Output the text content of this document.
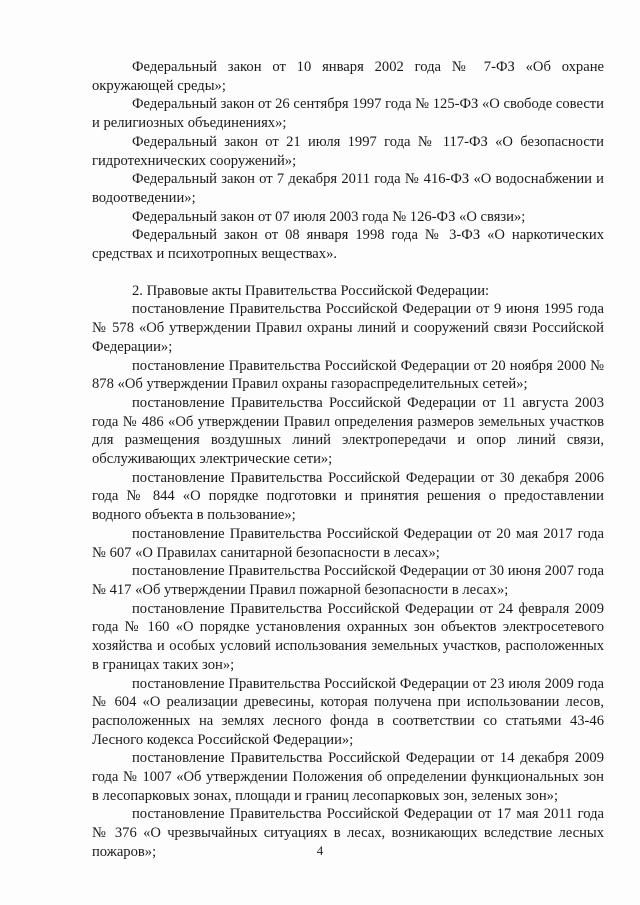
Федеральный закон от 10 января 2002 года № 7-ФЗ «Об охране окружающей среды»;

Федеральный закон от 26 сентября 1997 года № 125-ФЗ «О свободе совести и религиозных объединениях»;

Федеральный закон от 21 июля 1997 года № 117-ФЗ «О безопасности гидротехнических сооружений»;

Федеральный закон от 7 декабря 2011 года № 416-ФЗ «О водоснабжении и водоотведении»;

Федеральный закон от 07 июля 2003 года № 126-ФЗ «О связи»;

Федеральный закон от 08 января 1998 года № 3-ФЗ «О наркотических средствах и психотропных веществах».

2. Правовые акты Правительства Российской Федерации:

постановление Правительства Российской Федерации от 9 июня 1995 года № 578 «Об утверждении Правил охраны линий и сооружений связи Российской Федерации»;

постановление Правительства Российской Федерации от 20 ноября 2000 № 878 «Об утверждении Правил охраны газораспределительных сетей»;

постановление Правительства Российской Федерации от 11 августа 2003 года № 486 «Об утверждении Правил определения размеров земельных участков для размещения воздушных линий электропередачи и опор линий связи, обслуживающих электрические сети»;

постановление Правительства Российской Федерации от 30 декабря 2006 года № 844 «О порядке подготовки и принятия решения о предоставлении водного объекта в пользование»;

постановление Правительства Российской Федерации от 20 мая 2017 года № 607 «О Правилах санитарной безопасности в лесах»;

постановление Правительства Российской Федерации от 30 июня 2007 года № 417 «Об утверждении Правил пожарной безопасности в лесах»;

постановление Правительства Российской Федерации от 24 февраля 2009 года № 160 «О порядке установления охранных зон объектов электросетевого хозяйства и особых условий использования земельных участков, расположенных в границах таких зон»;

постановление Правительства Российской Федерации от 23 июля 2009 года № 604 «О реализации древесины, которая получена при использовании лесов, расположенных на землях лесного фонда в соответствии со статьями 43-46 Лесного кодекса Российской Федерации»;

постановление Правительства Российской Федерации от 14 декабря 2009 года № 1007 «Об утверждении Положения об определении функциональных зон в лесопарковых зонах, площади и границ лесопарковых зон, зеленых зон»;

постановление Правительства Российской Федерации от 17 мая 2011 года № 376 «О чрезвычайных ситуациях в лесах, возникающих вследствие лесных пожаров»;	4
